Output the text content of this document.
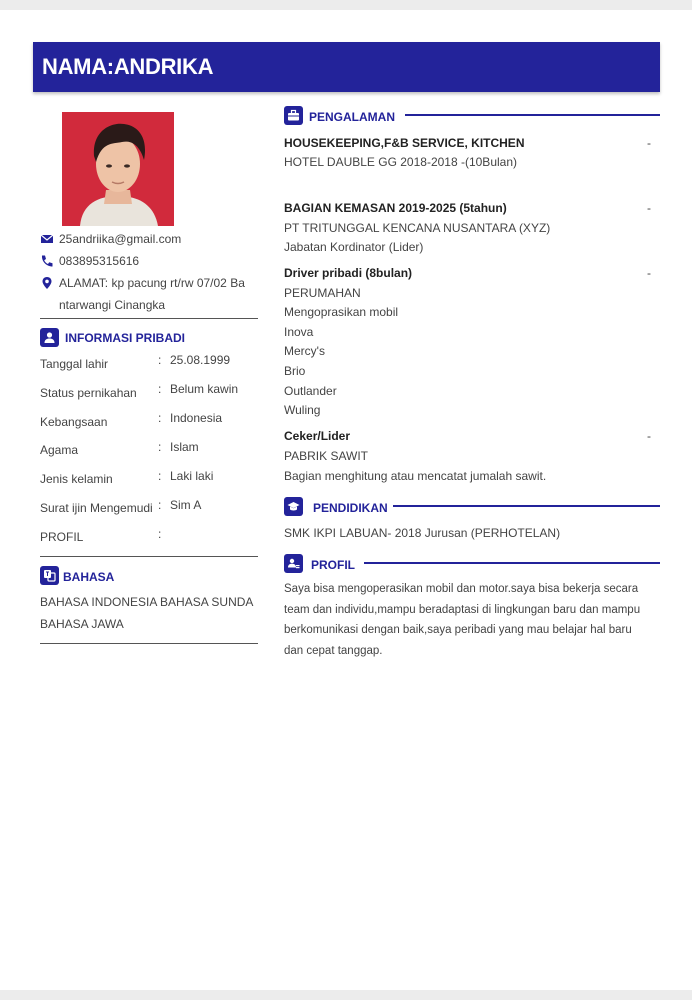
NAMA:ANDRIKA
25andriika@gmail.com
083895315616
ALAMAT: kp pacung rt/rw 07/02 Ba
ntarwangi Cinangka
INFORMASI PRIBADI
Tanggal lahir	: 25.08.1999
Status pernikahan : Belum kawin
Kebangsaan	: Indonesia
Agama	: Islam
Jenis kelamin	: Laki laki
Surat ijin Mengemudi : Sim A
PROFIL	:
BAHASA
BAHASA INDONESIA BAHASA SUNDA BAHASA JAWA
PENGALAMAN
HOUSEKEEPING,F&B SERVICE, KITCHEN	-
HOTEL DAUBLE GG 2018-2018 -(10Bulan)
BAGIAN KEMASAN 2019-2025 (5tahun)	-
PT TRITUNGGAL KENCANA NUSANTARA (XYZ)
Jabatan Kordinator (Lider)
Driver pribadi (8bulan)	-
PERUMAHAN
Mengoprasikan mobil
Inova
Mercy's
Brio
Outlander
Wuling
Ceker/Lider	-
PABRIK SAWIT
Bagian menghitung atau mencatat jumalah sawit.
PENDIDIKAN
SMK IKPI LABUAN- 2018 Jurusan (PERHOTELAN)
PROFIL
Saya bisa mengoperasikan mobil dan motor.saya bisa bekerja secara team dan individu,mampu beradaptasi di lingkungan baru dan mampu berkomunikasi dengan baik,saya peribadi yang mau belajar hal baru dan cepat tanggap.
